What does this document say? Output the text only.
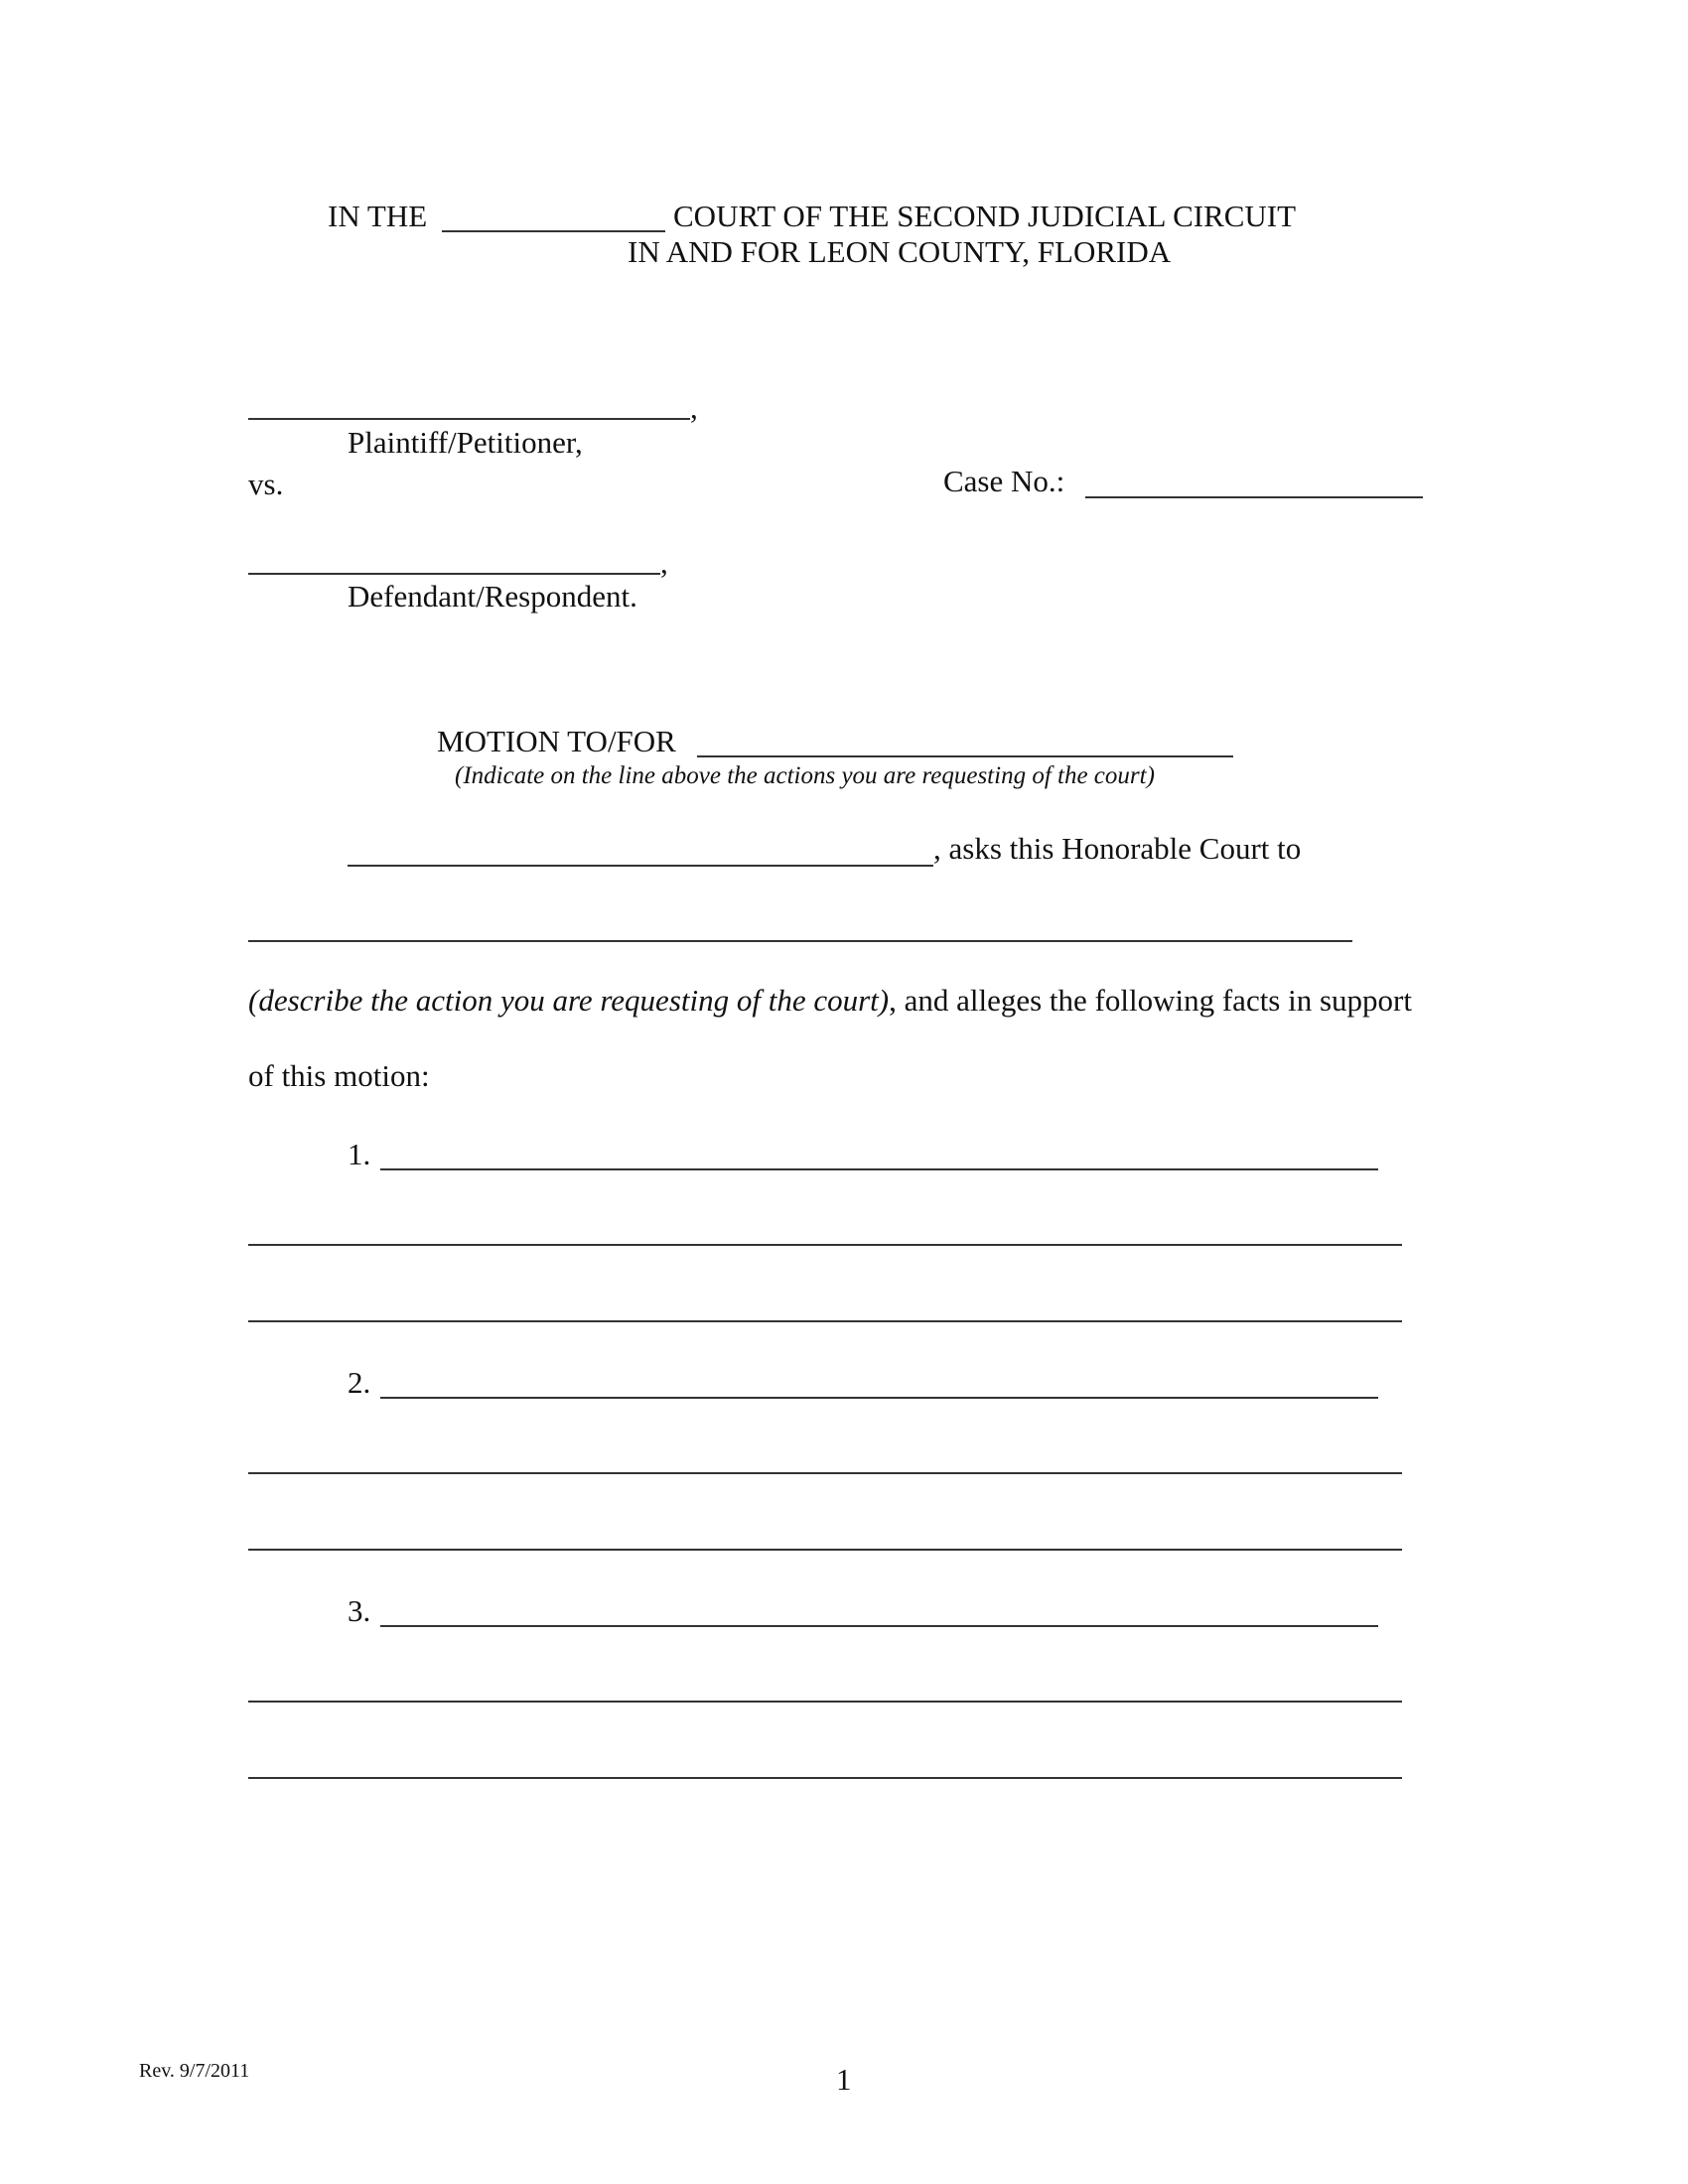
IN THE	COURT OF THE SECOND JUDICIAL CIRCUIT
IN AND FOR LEON COUNTY, FLORIDA
,
Plaintiff/Petitioner,
vs.	Case No.:
,
Defendant/Respondent.
MOTION TO/FOR
(Indicate on the line above the actions you are requesting of the court)
, asks this Honorable Court to
(describe the action you are requesting of the court), and alleges the following facts in support
of this motion:
1.
2.
3.
Rev. 9/7/2011	1
